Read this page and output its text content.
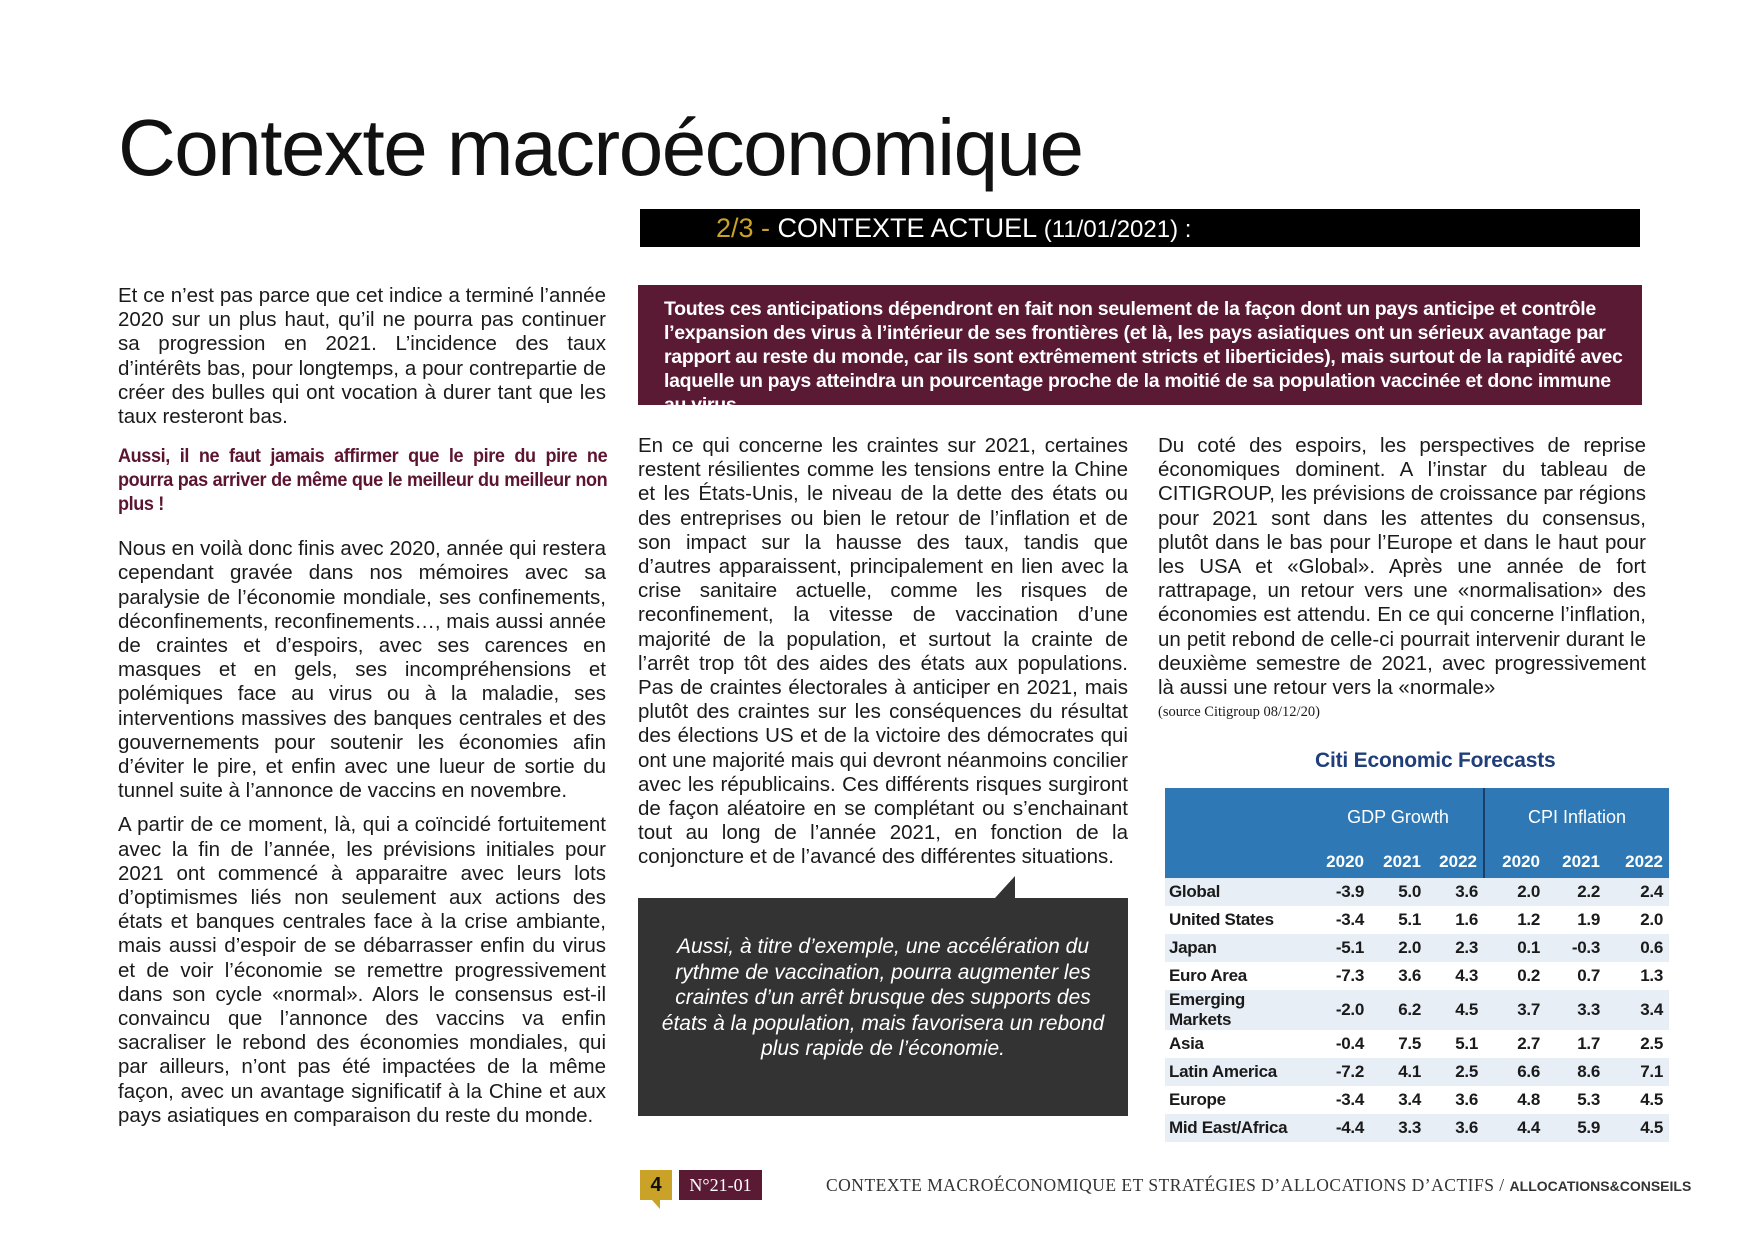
Contexte macroéconomique
2/3 - CONTEXTE ACTUEL (11/01/2021) :

Et ce n’est pas parce que cet indice a terminé l’année 2020 sur un plus haut, qu’il ne pourra pas continuer sa progression en 2021. L’incidence des taux d’intérêts bas, pour longtemps, a pour contrepartie de créer des bulles qui ont vocation à durer tant que les taux resteront bas.

Aussi, il ne faut jamais affirmer que le pire du pire ne pourra pas arriver de même que le meilleur du meilleur non plus !

Nous en voilà donc finis avec 2020, année qui restera cependant gravée dans nos mémoires avec sa paralysie de l’économie mondiale, ses confinements, déconfinements, reconfinements…, mais aussi année de craintes et d’espoirs, avec ses carences en masques et en gels, ses incompréhensions et polémiques face au virus ou à la maladie, ses interventions massives des banques centrales et des gouvernements pour soutenir les économies afin d’éviter le pire, et enfin avec une lueur de sortie du tunnel suite à l’annonce de vaccins en novembre.

A partir de ce moment, là, qui a coïncidé fortuitement avec la fin de l’année, les prévisions initiales pour 2021 ont commencé à apparaitre avec leurs lots d’optimismes liés non seulement aux actions des états et banques centrales face à la crise ambiante, mais aussi d’espoir de se débarrasser enfin du virus et de voir l’économie se remettre progressivement dans son cycle «normal». Alors le consensus est-il convaincu que l’annonce des vaccins va enfin sacraliser le rebond des économies mondiales, qui par ailleurs, n’ont pas été impactées de la même façon, avec un avantage significatif à la Chine et aux pays asiatiques en comparaison du reste du monde.

Toutes ces anticipations dépendront en fait non seulement de la façon dont un pays anticipe et contrôle l’expansion des virus à l’intérieur de ses frontières (et là, les pays asiatiques ont un sérieux avantage par rapport au reste du monde, car ils sont extrêmement stricts et liberticides), mais surtout de la rapidité avec laquelle un pays atteindra un pourcentage proche de la moitié de sa population vaccinée et donc immune au virus.

En ce qui concerne les craintes sur 2021, certaines restent résilientes comme les tensions entre la Chine et les États-Unis, le niveau de la dette des états ou des entreprises ou bien le retour de l’inflation et de son impact sur la hausse des taux, tandis que d’autres apparaissent, principalement en lien avec la crise sanitaire actuelle, comme les risques de reconfinement, la vitesse de vaccination d’une majorité de la population, et surtout la crainte de l’arrêt trop tôt des aides des états aux populations. Pas de craintes électorales à anticiper en 2021, mais plutôt des craintes sur les conséquences du résultat des élections US et de la victoire des démocrates qui ont une majorité mais qui devront néanmoins concilier avec les républicains. Ces différents risques surgiront de façon aléatoire en se complétant ou s’enchainant tout au long de l’année 2021, en fonction de la conjoncture et de l’avancé des différentes situations.

Aussi, à titre d’exemple, une accélération du rythme de vaccination, pourra augmenter les craintes d’un arrêt brusque des supports des états à la population, mais favorisera un rebond plus rapide de l’économie.

Du coté des espoirs, les perspectives de reprise économiques dominent. A l’instar du tableau de CITIGROUP, les prévisions de croissance par régions pour 2021 sont dans les attentes du consensus, plutôt dans le bas pour l’Europe et dans le haut pour les USA et «Global». Après une année de fort rattrapage, un retour vers une «normalisation» des économies est attendu. En ce qui concerne l’inflation, un petit rebond de celle-ci pourrait intervenir durant le deuxième semestre de 2021, avec progressivement là aussi une retour vers la «normale»

(source Citigroup 08/12/20)
Citi Economic Forecasts
	GDP Growth			CPI Inflation		
	2020	2021	2022	2020	2021	2022
Global	-3.9	5.0	3.6	2.0	2.2	2.4
United States	-3.4	5.1	1.6	1.2	1.9	2.0
Japan	-5.1	2.0	2.3	0.1	-0.3	0.6
Euro Area	-7.3	3.6	4.3	0.2	0.7	1.3
Emerging Markets	-2.0	6.2	4.5	3.7	3.3	3.4
Asia	-0.4	7.5	5.1	2.7	1.7	2.5
Latin America	-7.2	4.1	2.5	6.6	8.6	7.1
Europe	-3.4	3.4	3.6	4.8	5.3	4.5
Mid East/Africa	-4.4	3.3	3.6	4.4	5.9	4.5
4	N°21-01	CONTEXTE MACROÉCONOMIQUE ET STRATÉGIES D’ALLOCATIONS D’ACTIFS / ALLOCATIONS&CONSEILS
